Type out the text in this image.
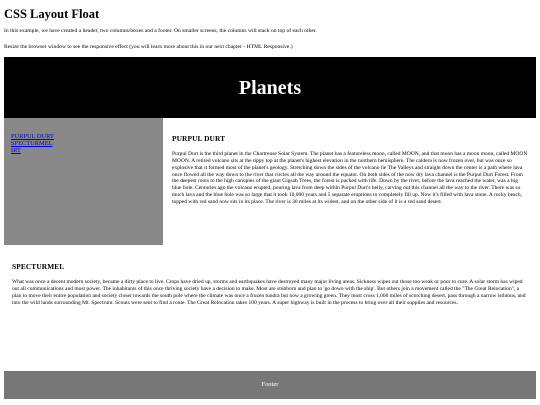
CSS Layout Float

In this example, we have created a header, two columns/boxes and a footer. On smaller screens, the columns will stack on top of each other.

Resize the browser window to see the responsive effect (you will learn more about this in our next chapter - HTML Responsive.)

Planets
PURPUL DURT
SPECTURMEL
IRT
PURPUL DURT

Purpul Durt is the third planet in the Chartreuse Solar System. The planet has a featureless moon, called MOON, and that moon has a moon moon, called MOON MOON. A retired volcano sits at the tippy top at the planet's highest elevation in the northern hemisphere. The caldera is now frozen over, but was once so explosive that it formed most of the planet's geology. Stretching down the sides of the volcano lie The Valleys and straight down the center is a path where lava once flowed all the way down to the river that circles all the way around the equator. On both sides of the now dry lava channel is the Purpul Durt Forest. From the deepest roots to the high canopies of the giant Gigsab Trees, the forest is packed with life. Down by the river, before the lava reached the water, was a big blue hole. Centuries ago the volcano erupted, pouring lava from deep within Purpul Durt's belly, carving out this channel all the way to the river. There was so much lava and the blue hole was so large that it took 10,000 years and 5 separate eruptions to completely fill up. Now it's filled with lava stone. A rocky beach, topped with red sand now sits in its place. The river is 30 miles at its widest, and on the other side of it is a red sand desert.

SPECTURMEL

What was once a decent modern society, became a dirty place to live. Crops have dried up, storms and earthquakes have destroyed many major living areas. Sickness wipes out those too weak or poor to cure. A solar storm has wiped out all communications and most power. The inhabitants of this once thriving society have a decision to make. Most are stubborn and plan to 'go down with the ship'. But others join a movement called the "The Great Relocation", a plan to move their entire population and society closer towards the south pole where the climate was once a frozen tundra but now a growing green. They must cross 1,000 miles of scorching desert, pass through a narrow isthmus, and into the wild lands surrounding Mt. Spectrum. Scouts were sent to find a route. The Great Relocation takes 100 years. A super highway is built in the process to bring over all their supplies and resources.

Footer
